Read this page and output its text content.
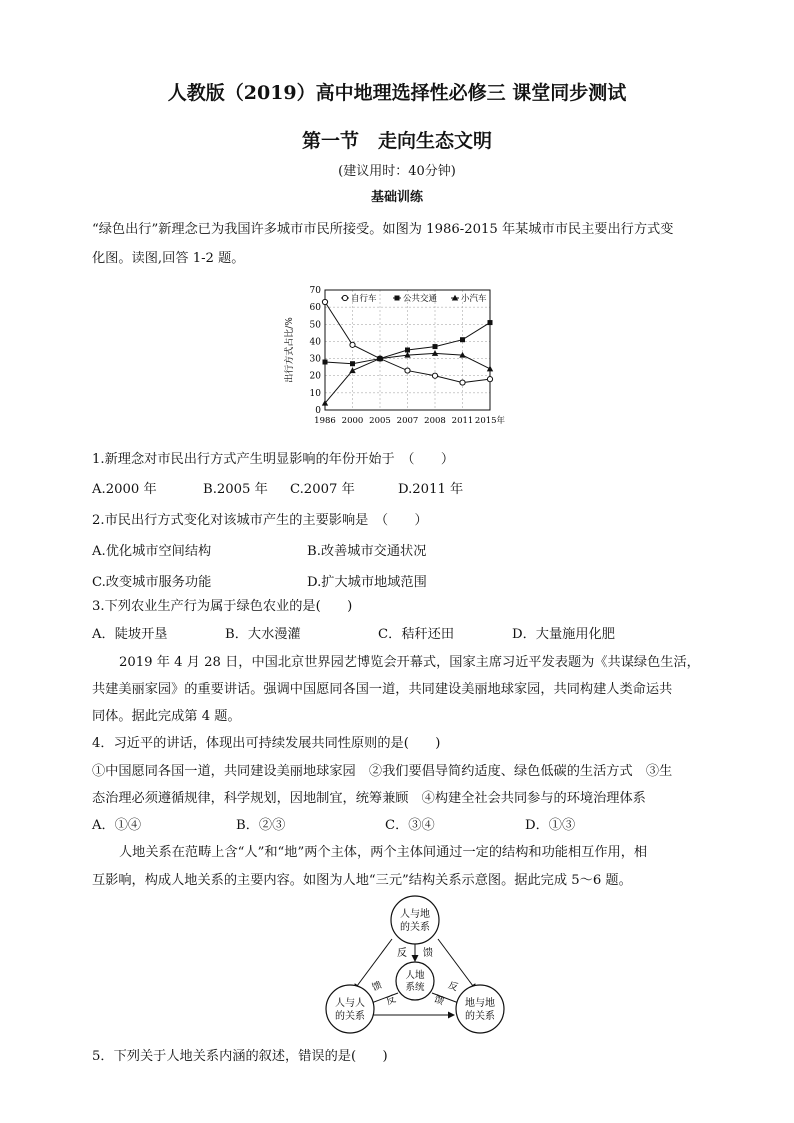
人教版（2019）高中地理选择性必修三 课堂同步测试
第一节　走向生态文明
(建议用时：40分钟)
基础训练
“绿色出行”新理念已为我国许多城市市民所接受。如图为 1986-2015 年某城市市民主要出行方式变
化图。读图,回答 1-2 题。
0
10
20
30
40
50
60
70
1986 2000 2005 2007 2008 2011 2015年
出行方式占比/%
自行车	公共交通	小汽车
1.新理念对市民出行方式产生明显影响的年份开始于　（　　）
A.2000 年	B.2005 年 C.2007 年	D.2011 年
2.市民出行方式变化对该城市产生的主要影响是　（　　）
A.优化城市空间结构	B.改善城市交通状况
C.改变城市服务功能	D.扩大城市地域范围
3.下列农业生产行为属于绿色农业的是(　　)
A．陡坡开垦	B．大水漫灌	C．秸秆还田	D．大量施用化肥
2019 年 4 月 28 日，中国北京世界园艺博览会开幕式，国家主席习近平发表题为《共谋绿色生活，
共建美丽家园》的重要讲话。强调中国愿同各国一道，共同建设美丽地球家园，共同构建人类命运共
同体。据此完成第 4 题。
4．习近平的讲话，体现出可持续发展共同性原则的是(　　)
①中国愿同各国一道，共同建设美丽地球家园　②我们要倡导简约适度、绿色低碳的生活方式　③生
态治理必须遵循规律，科学规划，因地制宜，统筹兼顾　④构建全社会共同参与的环境治理体系
A．①④	B．②③	C．③④	D．①③
人地关系在范畴上含“人”和“地”两个主体，两个主体间通过一定的结构和功能相互作用，相
互影响，构成人地关系的主要内容。如图为人地“三元”结构关系示意图。据此完成 5～6 题。
人与地
的关系
人与人
的关系
地与地
的关系
人地
系统
反 馈
馈
反	馈
反
5．下列关于人地关系内涵的叙述，错误的是(　　)
